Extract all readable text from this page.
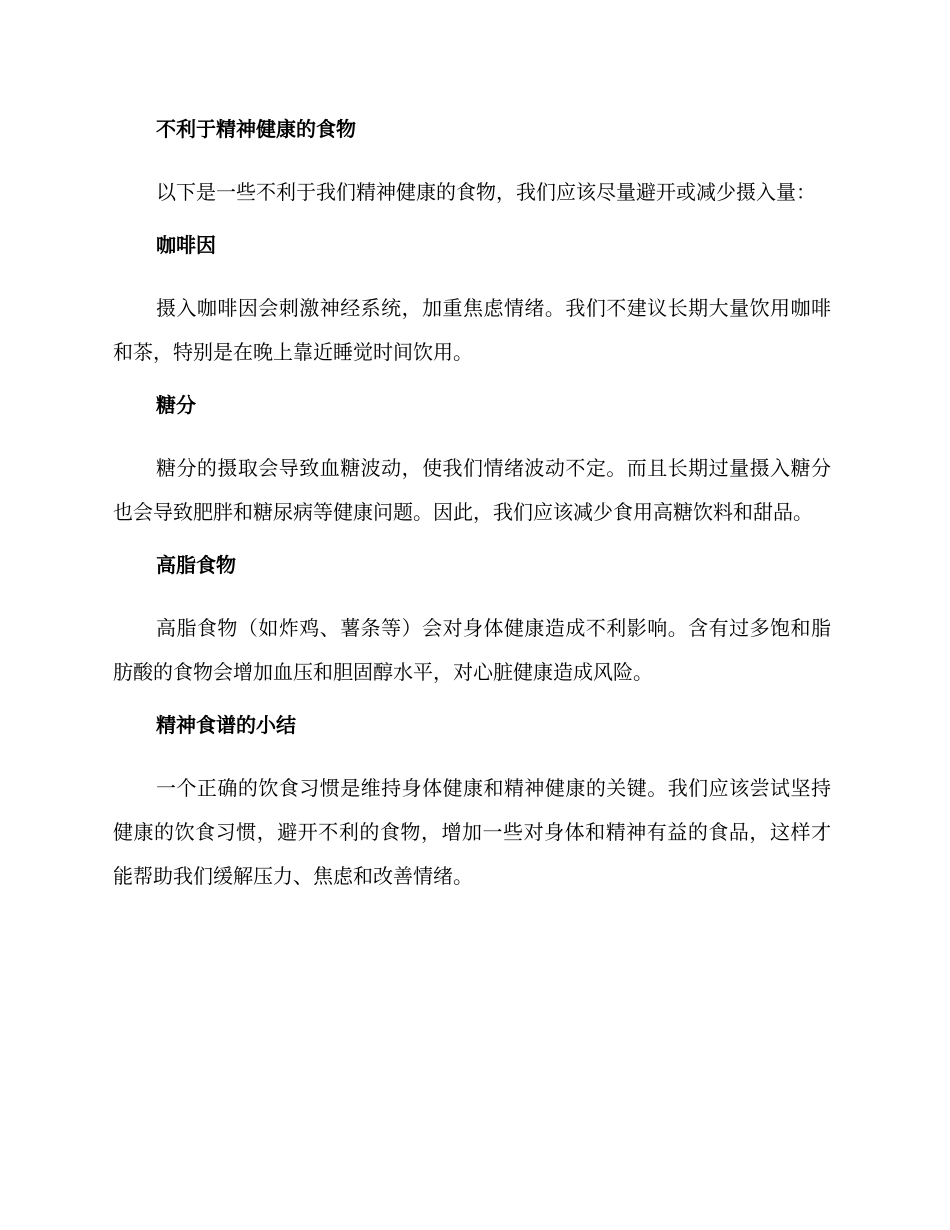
不利于精神健康的食物

以下是一些不利于我们精神健康的食物，我们应该尽量避开或减少摄入量：

咖啡因

摄入咖啡因会刺激神经系统，加重焦虑情绪。我们不建议长期大量饮用咖啡和茶，特别是在晚上靠近睡觉时间饮用。

糖分

糖分的摄取会导致血糖波动，使我们情绪波动不定。而且长期过量摄入糖分也会导致肥胖和糖尿病等健康问题。因此，我们应该减少食用高糖饮料和甜品。

高脂食物

高脂食物（如炸鸡、薯条等）会对身体健康造成不利影响。含有过多饱和脂肪酸的食物会增加血压和胆固醇水平，对心脏健康造成风险。

精神食谱的小结

一个正确的饮食习惯是维持身体健康和精神健康的关键。我们应该尝试坚持健康的饮食习惯，避开不利的食物，增加一些对身体和精神有益的食品，这样才能帮助我们缓解压力、焦虑和改善情绪。
